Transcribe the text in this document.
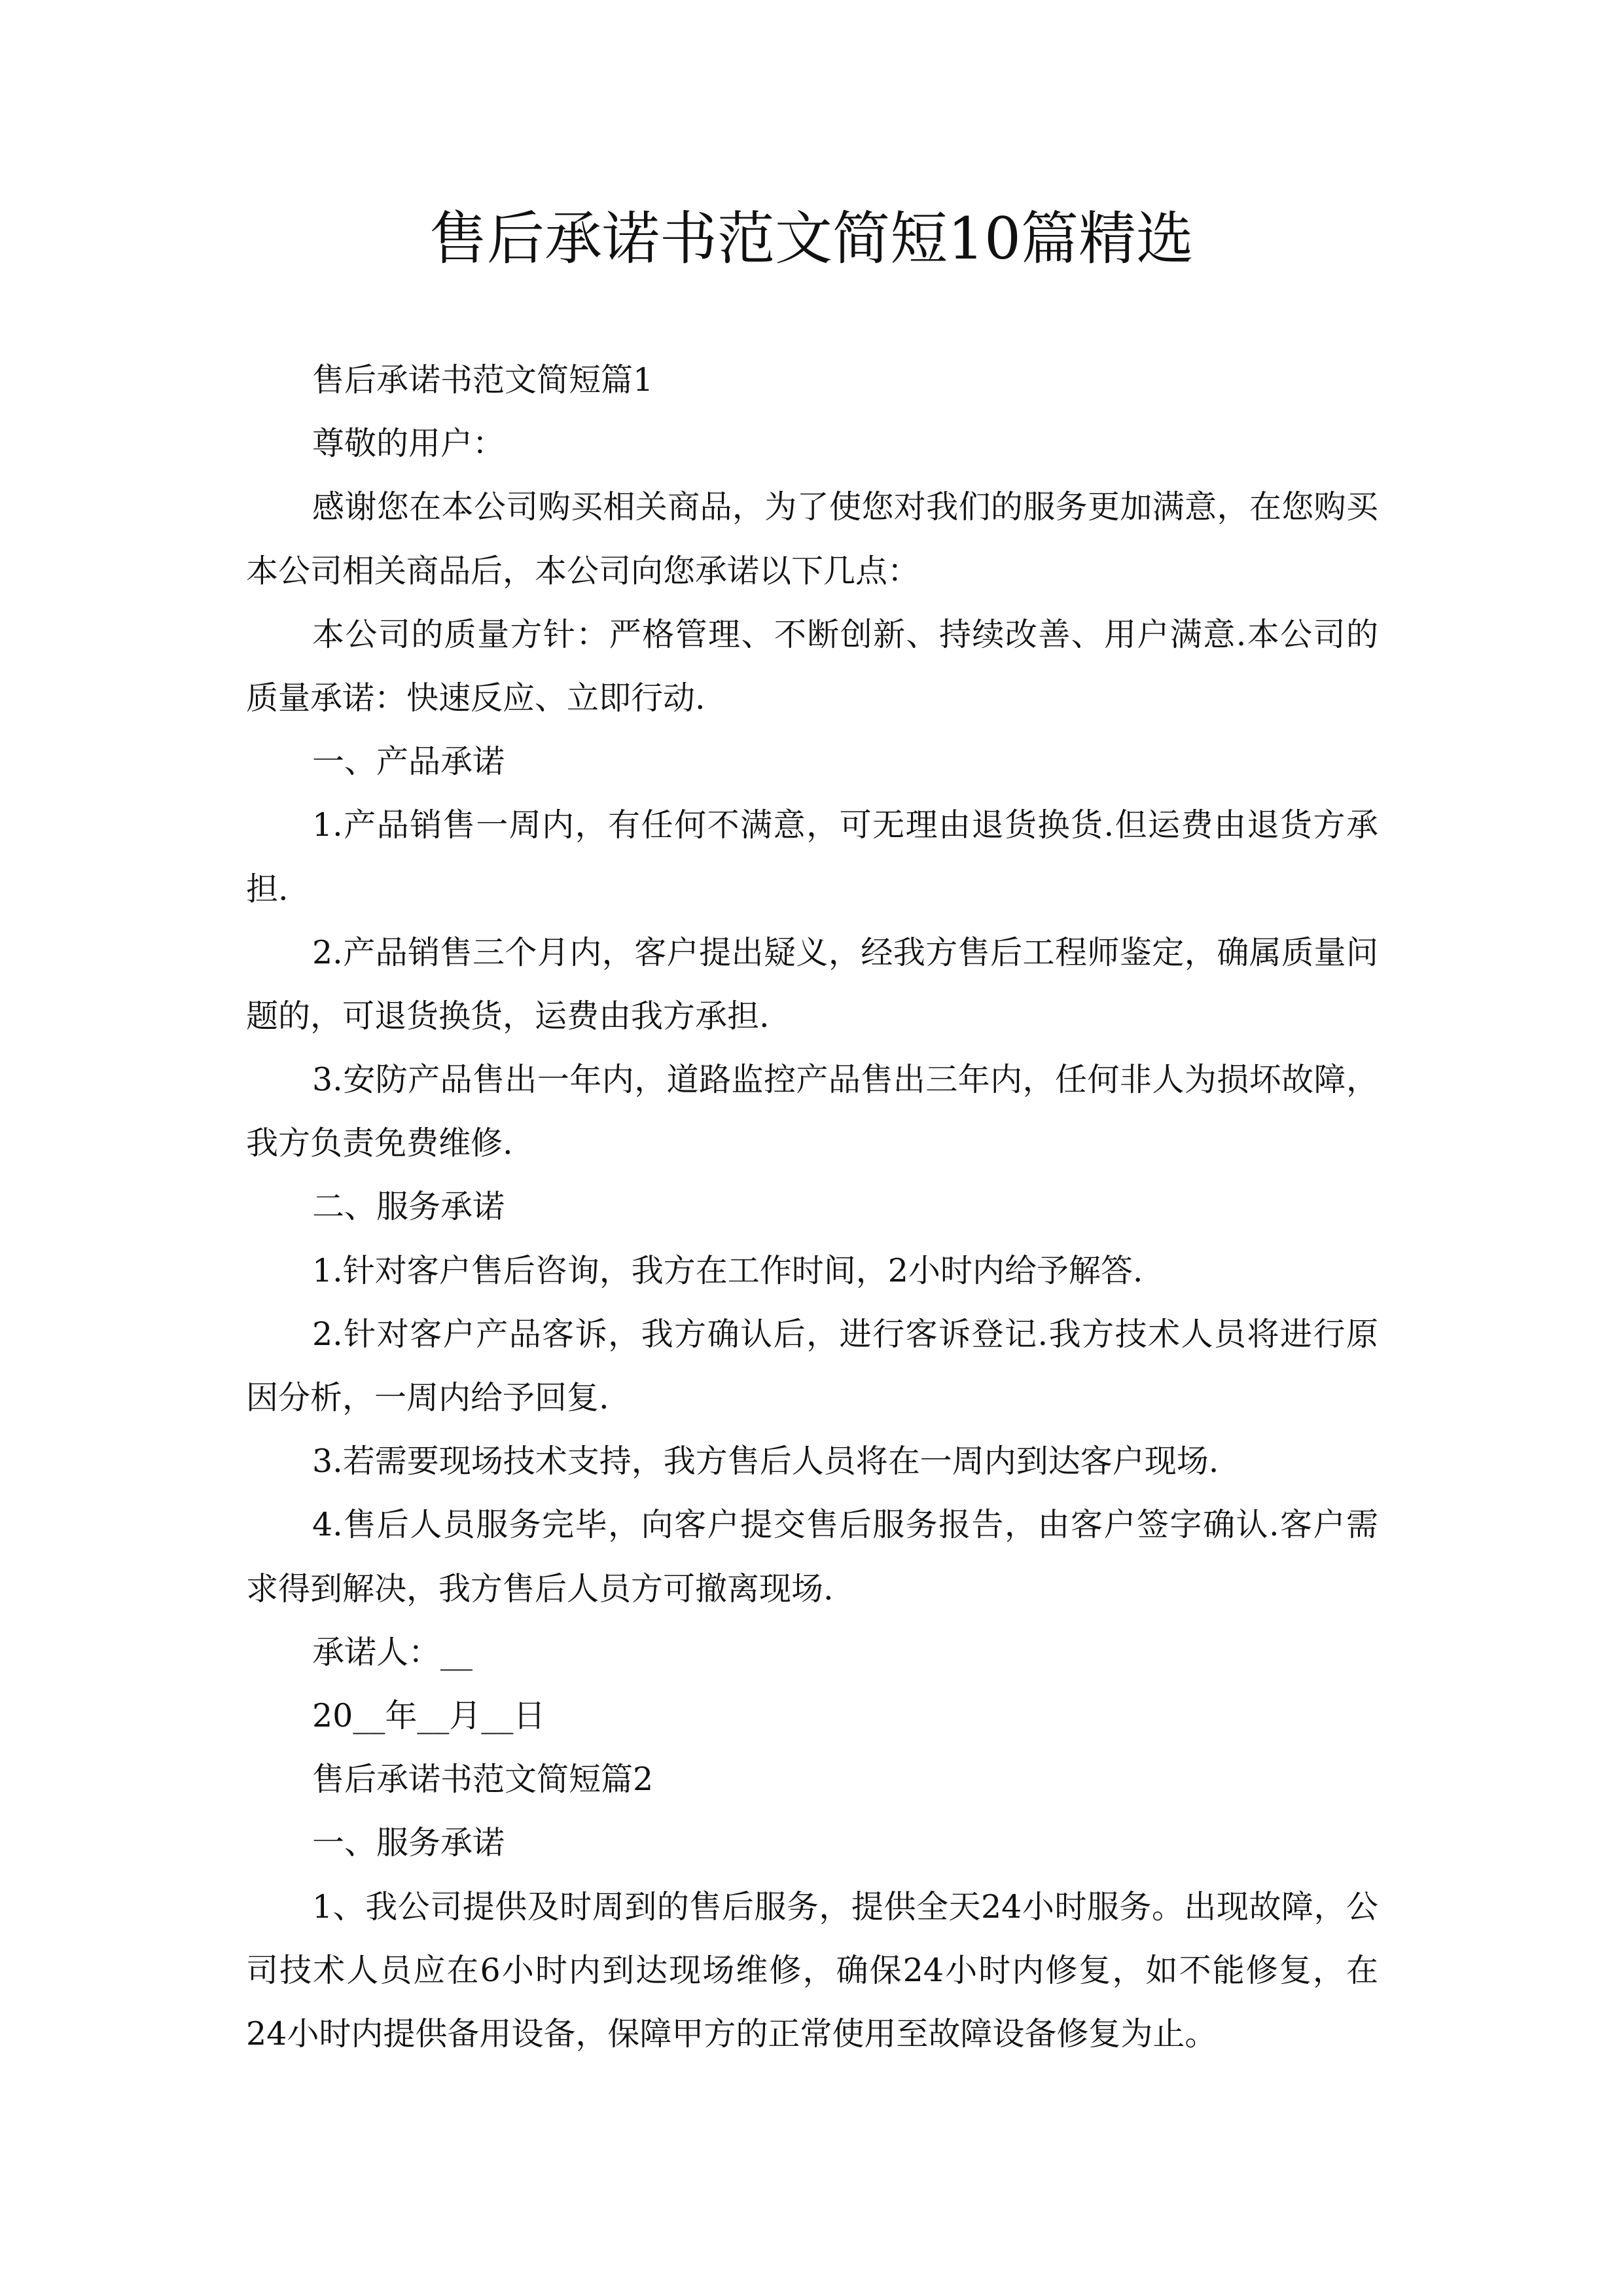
售后承诺书范文简短10篇精选
售后承诺书范文简短篇1
尊敬的用户：
感谢您在本公司购买相关商品，为了使您对我们的服务更加满意，在您购买
本公司相关商品后，本公司向您承诺以下几点：
本公司的质量方针：严格管理、不断创新、持续改善、用户满意.本公司的
质量承诺：快速反应、立即行动.
一、产品承诺
1.产品销售一周内，有任何不满意，可无理由退货换货.但运费由退货方承
担.
2.产品销售三个月内，客户提出疑义，经我方售后工程师鉴定，确属质量问
题的，可退货换货，运费由我方承担.
3.安防产品售出一年内，道路监控产品售出三年内，任何非人为损坏故障，
我方负责免费维修.
二、服务承诺
1.针对客户售后咨询，我方在工作时间，2小时内给予解答.
2.针对客户产品客诉，我方确认后，进行客诉登记.我方技术人员将进行原
因分析，一周内给予回复.
3.若需要现场技术支持，我方售后人员将在一周内到达客户现场.
4.售后人员服务完毕，向客户提交售后服务报告，由客户签字确认.客户需
求得到解决，我方售后人员方可撤离现场.
承诺人：__
20__年__月__日
售后承诺书范文简短篇2
一、服务承诺
1、我公司提供及时周到的售后服务，提供全天24小时服务。出现故障，公
司技术人员应在6小时内到达现场维修，确保24小时内修复，如不能修复，在
24小时内提供备用设备，保障甲方的正常使用至故障设备修复为止。
